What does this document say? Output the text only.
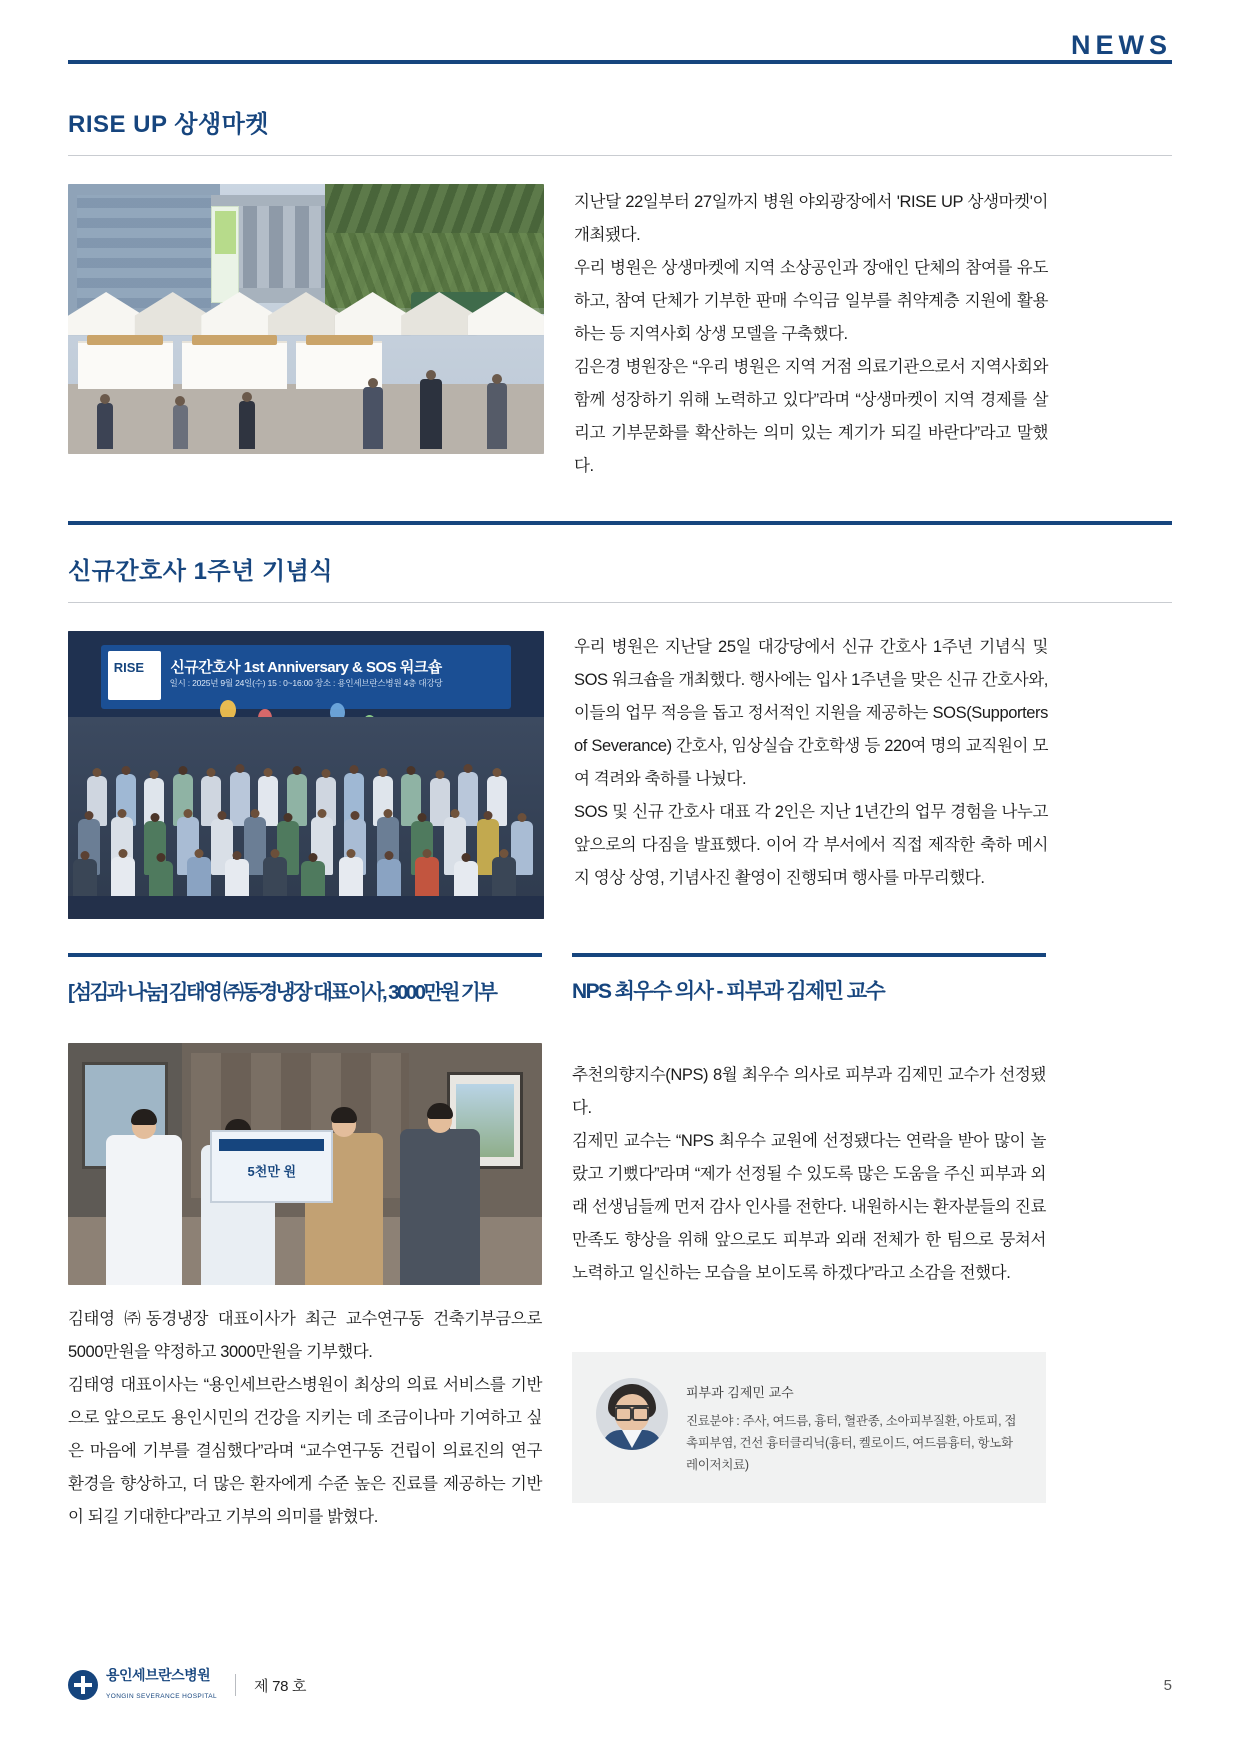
NEWS
RISE UP 상생마켓

지난달 22일부터 27일까지 병원 야외광장에서 'RISE UP 상생마켓'이 개최됐다.

우리 병원은 상생마켓에 지역 소상공인과 장애인 단체의 참여를 유도하고, 참여 단체가 기부한 판매 수익금 일부를 취약계층 지원에 활용하는 등 지역사회 상생 모델을 구축했다.

김은경 병원장은 “우리 병원은 지역 거점 의료기관으로서 지역사회와 함께 성장하기 위해 노력하고 있다”라며 “상생마켓이 지역 경제를 살리고 기부문화를 확산하는 의미 있는 계기가 되길 바란다”라고 말했다.

신규간호사 1주년 기념식
신규간호사 1st Anniversary & SOS 워크숍
일시 : 2025년 9월 24일(수) 15 : 0~16:00 장소 : 용인세브란스병원 4층 대강당
RISE

우리 병원은 지난달 25일 대강당에서 신규 간호사 1주년 기념식 및 SOS 워크숍을 개최했다. 행사에는 입사 1주년을 맞은 신규 간호사와, 이들의 업무 적응을 돕고 정서적인 지원을 제공하는 SOS(Supporters of Severance) 간호사, 임상실습 간호학생 등 220여 명의 교직원이 모여 격려와 축하를 나눴다.

SOS 및 신규 간호사 대표 각 2인은 지난 1년간의 업무 경험을 나누고 앞으로의 다짐을 발표했다. 이어 각 부서에서 직접 제작한 축하 메시지 영상 상영, 기념사진 촬영이 진행되며 행사를 마무리했다.

[섬김과 나눔] 김태영 ㈜동경냉장 대표이사, 3000만원 기부
5천만 원

김태영 ㈜동경냉장 대표이사가 최근 교수연구동 건축기부금으로 5000만원을 약정하고 3000만원을 기부했다.

김태영 대표이사는 “용인세브란스병원이 최상의 의료 서비스를 기반으로 앞으로도 용인시민의 건강을 지키는 데 조금이나마 기여하고 싶은 마음에 기부를 결심했다”라며 “교수연구동 건립이 의료진의 연구 환경을 향상하고, 더 많은 환자에게 수준 높은 진료를 제공하는 기반이 되길 기대한다”라고 기부의 의미를 밝혔다.

NPS 최우수 의사 - 피부과 김제민 교수

추천의향지수(NPS) 8월 최우수 의사로 피부과 김제민 교수가 선정됐다.

김제민 교수는 “NPS 최우수 교원에 선정됐다는 연락을 받아 많이 놀랐고 기뻤다”라며 “제가 선정될 수 있도록 많은 도움을 주신 피부과 외래 선생님들께 먼저 감사 인사를 전한다. 내원하시는 환자분들의 진료 만족도 향상을 위해 앞으로도 피부과 외래 전체가 한 팀으로 뭉쳐서 노력하고 일신하는 모습을 보이도록 하겠다”라고 소감을 전했다.

피부과 김제민 교수
진료분야 : 주사, 여드름, 흉터, 혈관종, 소아피부질환, 아토피, 접촉피부염, 건선 흉터클리닉(흉터, 켈로이드, 여드름흉터, 항노화 레이저치료)
용인세브란스병원
YONGIN SEVERANCE HOSPITAL
제 78 호	5
